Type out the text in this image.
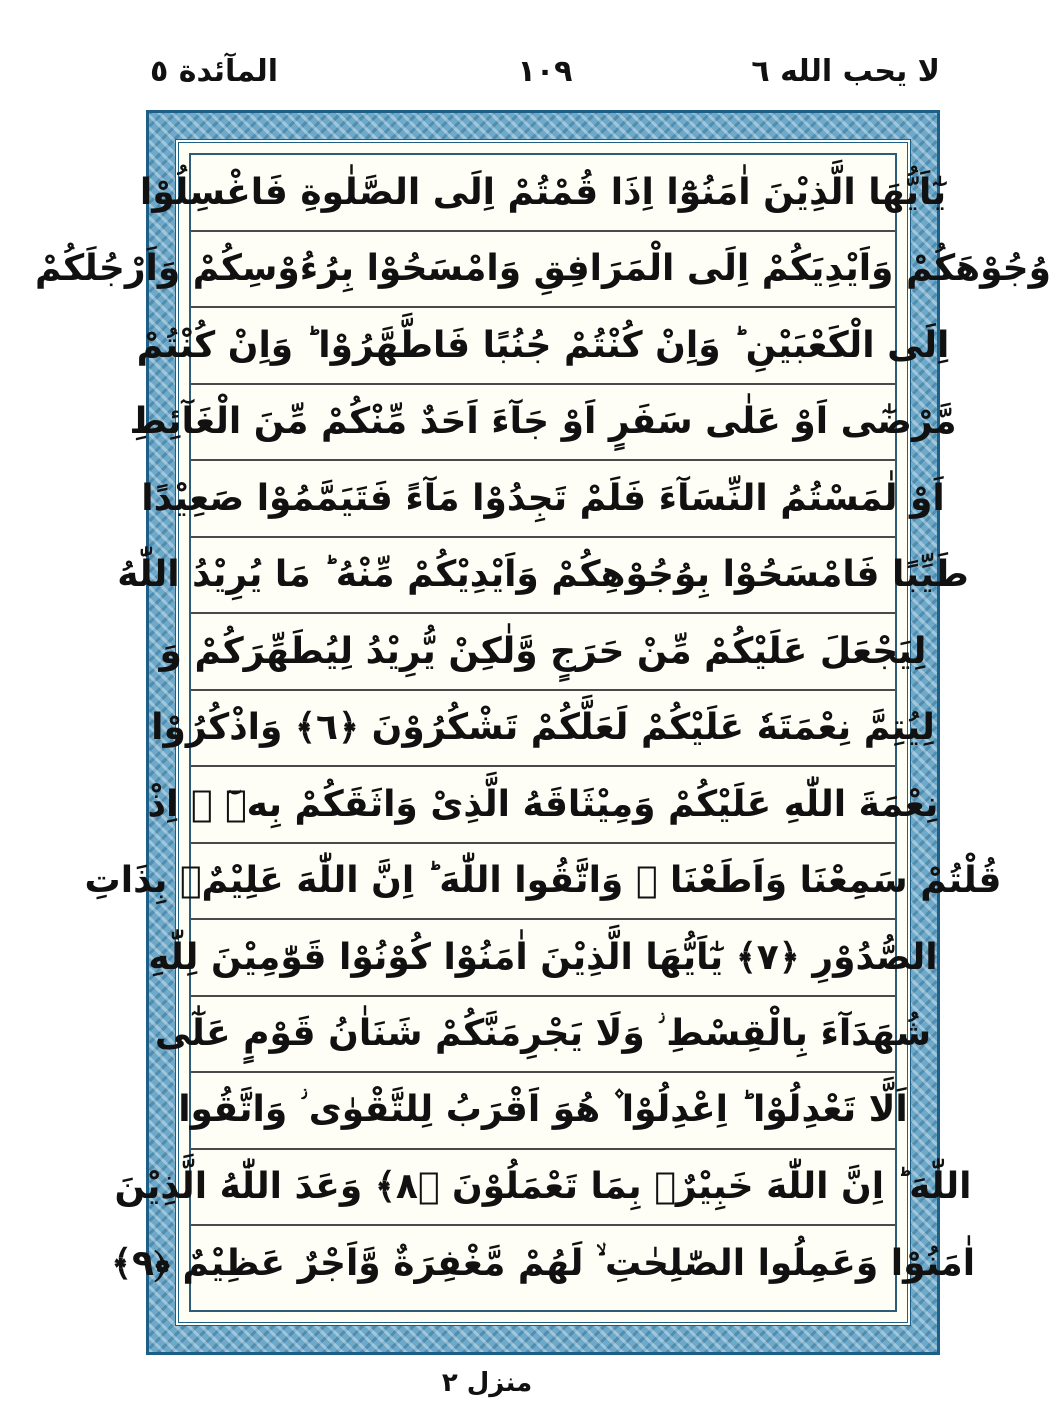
لا يحب الله ٦
١٠٩
المآئدة ٥
يٰٓاَيُّهَا الَّذِيْنَ اٰمَنُوْٓا اِذَا قُمْتُمْ اِلَى الصَّلٰوةِ فَاغْسِلُوْا
وُجُوْهَكُمْ وَاَيْدِيَكُمْ اِلَى الْمَرَافِقِ وَامْسَحُوْا بِرُءُوْسِكُمْ وَاَرْجُلَكُمْ
اِلَى الْكَعْبَيْنِ ؕ وَاِنْ كُنْتُمْ جُنُبًا فَاطَّهَّرُوْا ؕ وَاِنْ كُنْتُمْ
مَّرْضٰٓى اَوْ عَلٰى سَفَرٍ اَوْ جَآءَ اَحَدٌ مِّنْكُمْ مِّنَ الْغَآئِطِ
اَوْ لٰمَسْتُمُ النِّسَآءَ فَلَمْ تَجِدُوْا مَآءً فَتَيَمَّمُوْا صَعِيْدًا
طَيِّبًا فَامْسَحُوْا بِوُجُوْهِكُمْ وَاَيْدِيْكُمْ مِّنْهُ ؕ مَا يُرِيْدُ اللّٰهُ
لِيَجْعَلَ عَلَيْكُمْ مِّنْ حَرَجٍ وَّلٰكِنْ يُّرِيْدُ لِيُطَهِّرَكُمْ وَ
لِيُتِمَّ نِعْمَتَهٗ عَلَيْكُمْ لَعَلَّكُمْ تَشْكُرُوْنَ ﴿٦﴾ وَاذْكُرُوْا
نِعْمَةَ اللّٰهِ عَلَيْكُمْ وَمِيْثَاقَهُ الَّذِىْ وَاثَقَكُمْ بِهٖٓ ۙ اِذْ
قُلْتُمْ سَمِعْنَا وَاَطَعْنَا ؗ وَاتَّقُوا اللّٰهَ ؕ اِنَّ اللّٰهَ عَلِيْمٌۢ بِذَاتِ
الصُّدُوْرِ ﴿٧﴾ يٰٓاَيُّهَا الَّذِيْنَ اٰمَنُوْا كُوْنُوْا قَوّٰمِيْنَ لِلّٰهِ
شُهَدَآءَ بِالْقِسْطِ ؗ وَلَا يَجْرِمَنَّكُمْ شَنَاٰنُ قَوْمٍ عَلٰٓى
اَلَّا تَعْدِلُوْا ؕ اِعْدِلُوْا ۫ هُوَ اَقْرَبُ لِلتَّقْوٰى ؗ وَاتَّقُوا
اللّٰهَ ؕ اِنَّ اللّٰهَ خَبِيْرٌۢ بِمَا تَعْمَلُوْنَ ﴿٨﴾ وَعَدَ اللّٰهُ الَّذِيْنَ
اٰمَنُوْا وَعَمِلُوا الصّٰلِحٰتِ ۙ لَهُمْ مَّغْفِرَةٌ وَّاَجْرٌ عَظِيْمٌ ﴿٩﴾
منزل ٢
